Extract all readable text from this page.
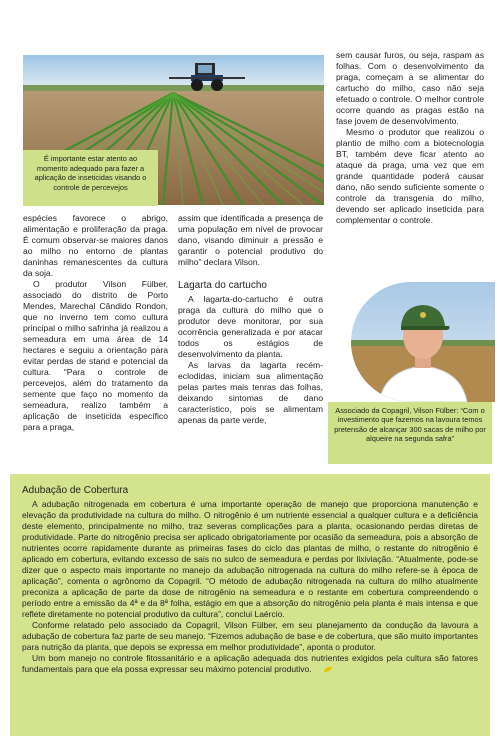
É importante estar atento ao momento adequado para fazer a aplicação de inseticidas visando o controle de percevejos

espécies favorece o abrigo, alimentação e proliferação da praga. É comum observar-se maiores danos ao milho no entorno de plantas daninhas remanescentes da cultura da soja.

O produtor Vilson Fülber, associado do distrito de Porto Mendes, Marechal Cândido Rondon, que no inverno tem como cultura principal o milho safrinha já realizou a semeadura em uma área de 14 hectares e seguiu a orientação para evitar perdas de stand e potencial da cultura. “Para o controle de percevejos, além do tratamento da semente que faço no momento da semeadura, realizo também a aplicação de inseticida específico para a praga,

assim que identificada a presença de uma população em nível de provocar dano, visando diminuir a pressão e garantir o potencial produtivo do milho” declara Vilson.

Lagarta do cartucho

A lagarta-do-cartucho é outra praga da cultura do milho que o produtor deve monitorar, por sua ocorrência generalizada e por atacar todos os estágios de desenvolvimento da planta.

As larvas da lagarta recém-eclodidas, iniciam sua alimentação pelas partes mais tenras das folhas, deixando sintomas de dano característico, pois se alimentam apenas da parte verde,

sem causar furos, ou seja, raspam as folhas. Com o desenvolvimento da praga, começam a se alimentar do cartucho do milho, caso não seja efetuado o controle. O melhor controle ocorre quando as pragas estão na fase jovem de desenvolvimento.

Mesmo o produtor que realizou o plantio de milho com a biotecnologia BT, também deve ficar atento ao ataque da praga, uma vez que em grande quantidade poderá causar dano, não sendo suficiente somente o controle da transgenia do milho, devendo ser aplicado inseticida para complementar o controle.

Associado da Copagril, Vilson Fülber: “Com o investimento que fazemos na lavoura temos pretensão de alcançar 300 sacas de milho por alqueire na segunda safra”
Adubação de Cobertura

A adubação nitrogenada em cobertura é uma importante operação de manejo que proporciona manutenção e elevação da produtividade na cultura do milho. O nitrogênio é um nutriente essencial a qualquer cultura e a deficiência deste elemento, principalmente no milho, traz severas complicações para a planta, ocasionando perdas diretas de produtividade. Parte do nitrogênio precisa ser aplicado obrigatoriamente por ocasião da semeadura, pois a absorção de nutrientes ocorre rapidamente durante as primeiras fases do ciclo das plantas de milho, o restante do nitrogênio é aplicado em cobertura, evitando excesso de sais no sulco de semeadura e perdas por lixiviação. “Atualmente, pode-se dizer que o aspecto mais importante no manejo da adubação nitrogenada na cultura do milho refere-se à época de aplicação”, comenta o agrônomo da Copagril. “O método de adubação nitrogenada na cultura do milho atualmente preconiza a aplicação de parte da dose de nitrogênio na semeadura e o restante em cobertura compreendendo o período entre a emissão da 4ª e da 8ª folha, estágio em que a absorção do nitrogênio pela planta é mais intensa e que reflete diretamente no potencial produtivo da cultura”, conclui Laércio.

Conforme relatado pelo associado da Copagril, Vilson Fülber, em seu planejamento da condução da lavoura a adubação de cobertura faz parte de seu manejo. “Fizemos adubação de base e de cobertura, que são muito importantes para nutrição da planta, que depois se expressa em melhor produtividade”, aponta o produtor.

Um bom manejo no controle fitossanitário e a aplicação adequada dos nutrientes exigidos pela cultura são fatores fundamentais para que ela possa expressar seu máximo potencial produtivo.
